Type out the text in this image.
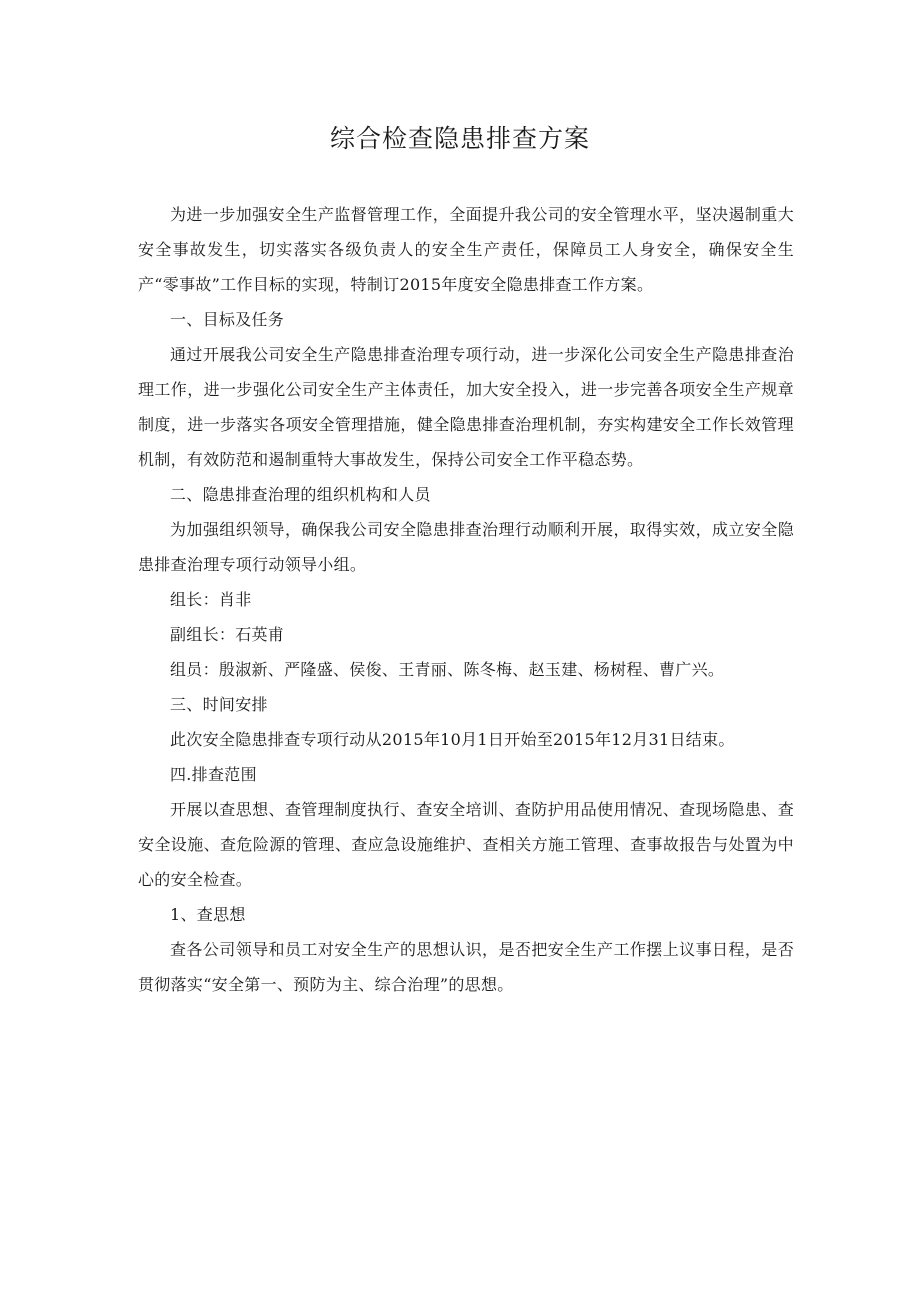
综合检查隐患排查方案

为进一步加强安全生产监督管理工作，全面提升我公司的安全管理水平，坚决遏制重大安全事故发生，切实落实各级负责人的安全生产责任，保障员工人身安全，确保安全生产“零事故”工作目标的实现，特制订2015年度安全隐患排查工作方案。

一、目标及任务

通过开展我公司安全生产隐患排查治理专项行动，进一步深化公司安全生产隐患排查治理工作，进一步强化公司安全生产主体责任，加大安全投入，进一步完善各项安全生产规章制度，进一步落实各项安全管理措施，健全隐患排查治理机制，夯实构建安全工作长效管理机制，有效防范和遏制重特大事故发生，保持公司安全工作平稳态势。

二、隐患排查治理的组织机构和人员

为加强组织领导，确保我公司安全隐患排查治理行动顺利开展，取得实效，成立安全隐患排查治理专项行动领导小组。

组长：肖非

副组长：石英甫

组员：殷淑新、严隆盛、侯俊、王青丽、陈冬梅、赵玉建、杨树程、曹广兴。

三、时间安排

此次安全隐患排查专项行动从2015年10月1日开始至2015年12月31日结束。

四.排查范围

开展以查思想、查管理制度执行、查安全培训、查防护用品使用情况、查现场隐患、查安全设施、查危险源的管理、查应急设施维护、查相关方施工管理、查事故报告与处置为中心的安全检查。

1、查思想

查各公司领导和员工对安全生产的思想认识，是否把安全生产工作摆上议事日程，是否贯彻落实“安全第一、预防为主、综合治理”的思想。
